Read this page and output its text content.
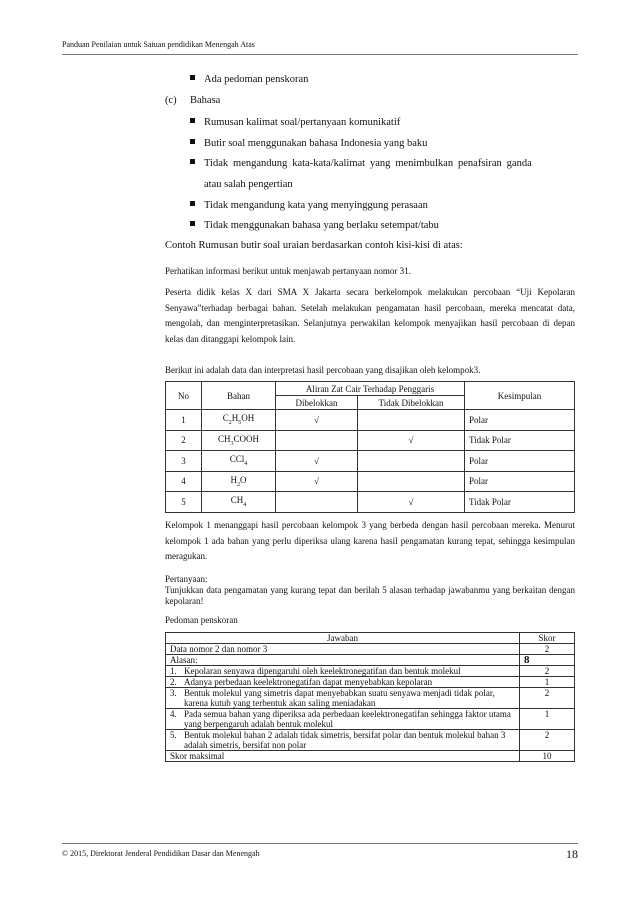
Panduan Penilaian untuk Satuan pendidikan Menengah Atas
Ada pedoman penskoran
(c) Bahasa
Rumusan kalimat soal/pertanyaan komunikatif
Butir soal menggunakan bahasa Indonesia yang baku
Tidak mengandung kata-kata/kalimat yang menimbulkan penafsiran ganda
atau salah pengertian
Tidak mengandung kata yang menyinggung perasaan
Tidak menggunakan bahasa yang berlaku setempat/tabu
Contoh Rumusan butir soal uraian berdasarkan contoh kisi-kisi di atas:
Perhatikan informasi berikut untuk menjawab pertanyaan nomor 31.
Peserta didik kelas X dari SMA X Jakarta secara berkelompok melakukan percobaan “Uji Kepolaran Senyawa”terhadap berbagai bahan. Setelah melakukan pengamatan hasil percobaan, mereka mencatat data, mengolah, dan menginterpretasikan. Selanjutnya perwakilan kelompok menyajikan hasil percobaan di depan kelas dan ditanggapi kelompok lain.
Berikut ini adalah data dan interpretasi hasil percobaan yang disajikan oleh kelompok3.
No	Bahan	Aliran Zat Cair Terhadap Penggaris		Kesimpulan
		Dibelokkan	Tidak Dibelokkan	
1	$C_2H_5OH$	√		Polar
2	$CH_3COOH$		√	Tidak Polar
3	CCl$_4$	√		Polar
4	$H_2O$	√		Polar
5	$CH_4$		√	Tidak Polar
Kelompok 1 menanggapi hasil percobaan kelompok 3 yang berbeda dengan hasil percobaan mereka. Menurut kelompok 1 ada bahan yang perlu diperiksa ulang karena hasil pengamatan kurang tepat, sehingga kesimpulan meragukan.
Pertanyaan:
Tunjukkan data pengamatan yang kurang tepat dan berilah 5 alasan terhadap jawabanmu yang berkaitan dengan kepolaran!
Pedoman penskoran
Jawaban	Skor
Data nomor 2 dan nomor 3	2
Alasan:	8

1. Kepolaran senyawa dipengaruhi oleh keelektronegatifan dan bentuk molekul	2

2. Adanya perbedaan keelektronegatifan dapat menyebabkan kepolaran	1

3. Bentuk molekul yang simetris dapat menyebabkan suatu senyawa menjadi tidak polar, karena kutub yang terbentuk akan saling meniadakan	2

4. Pada semua bahan yang diperiksa ada perbedaan keelektronegatifan sehingga faktor utama yang berpengaruh adalah bentuk molekul	1

5. Bentuk molekul bahan 2 adalah tidak simetris, bersifat polar dan bentuk molekul bahan 3 adalah simetris, bersifat non polar	2
Skor maksimal	10
© 2015, Direktorat Jenderal Pendidikan Dasar dan Menengah	18
